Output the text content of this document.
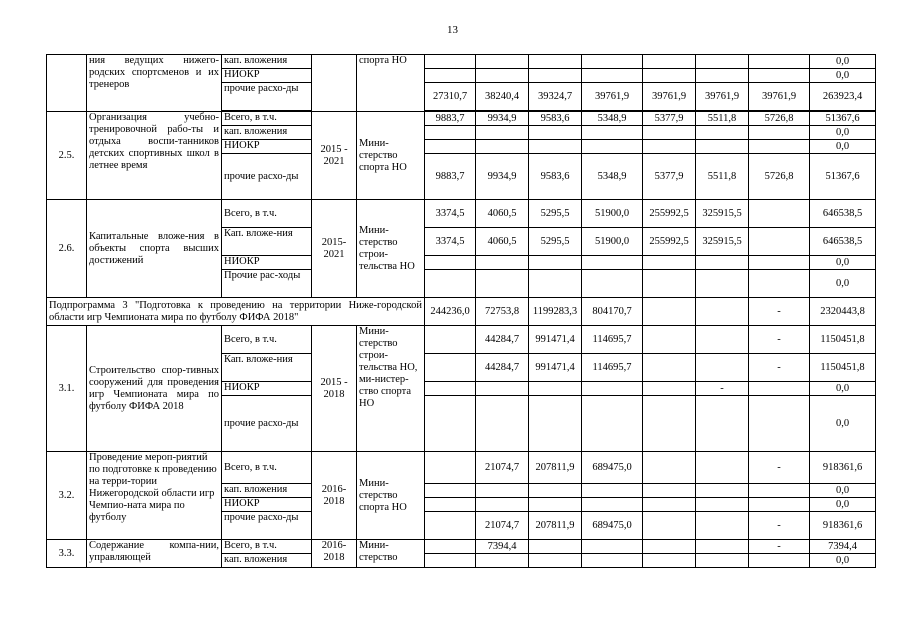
13
	ния ведущих нижего-родских спортсменов и их тренеров	кап. вложения		спорта НО								0,0
		НИОКР										0,0
		прочие расхо-ды			27310,7	38240,4	39324,7	39761,9	39761,9	39761,9	39761,9	263923,4

2.5.	Организация учебно-тренировочной рабо-ты и отдыха воспи-танников детских спортивных школ в летнее время	Всего, в т.ч.	2015 - 2021	Мини-стерство спорта НО	9883,7	9934,9	9583,6	5348,9	5377,9	5511,8	5726,8	51367,6
		кап. вложения										0,0
		НИОКР										0,0
		прочие расхо-ды			9883,7	9934,9	9583,6	5348,9	5377,9	5511,8	5726,8	51367,6
2.6.	Капитальные вложе-ния в объекты спорта высших достижений	Всего, в т.ч.	2015-2021	Мини-стерство строи-тельства НО	3374,5	4060,5	5295,5	51900,0	255992,5	325915,5		646538,5
		Кап. вложе-ния			3374,5	4060,5	5295,5	51900,0	255992,5	325915,5		646538,5
		НИОКР										0,0
		Прочие рас-ходы										0,0
Подпрограмма 3 "Подготовка к проведению на территории Ниже-городской области игр Чемпионата мира по футболу ФИФА 2018"					244236,0	72753,8	1199283,3	804170,7			-	2320443,8
3.1.	Строительство спор-тивных сооружений для проведения игр Чемпионата мира по футболу ФИФА 2018	Всего, в т.ч.	2015 - 2018	Мини-стерство строи-тельства НО, ми-нистер-ство спорта НО		44284,7	991471,4	114695,7			-	1150451,8
		Кап. вложе-ния				44284,7	991471,4	114695,7			-	1150451,8
		НИОКР								-		0,0
		прочие расхо-ды										0,0
3.2.	Проведение мероп-риятий по подготовке к проведению на терри-тории Нижегородской области игр Чемпио-ната мира по футболу	Всего, в т.ч.	2016-2018	Мини-стерство спорта НО		21074,7	207811,9	689475,0			-	918361,6
		кап. вложения										0,0
		НИОКР										0,0
		прочие расхо-ды				21074,7	207811,9	689475,0			-	918361,6
3.3.	Содержание компа-нии, управляющей	Всего, в т.ч.	2016-2018	Мини-стерство		7394,4					-	7394,4
		кап. вложения										0,0
